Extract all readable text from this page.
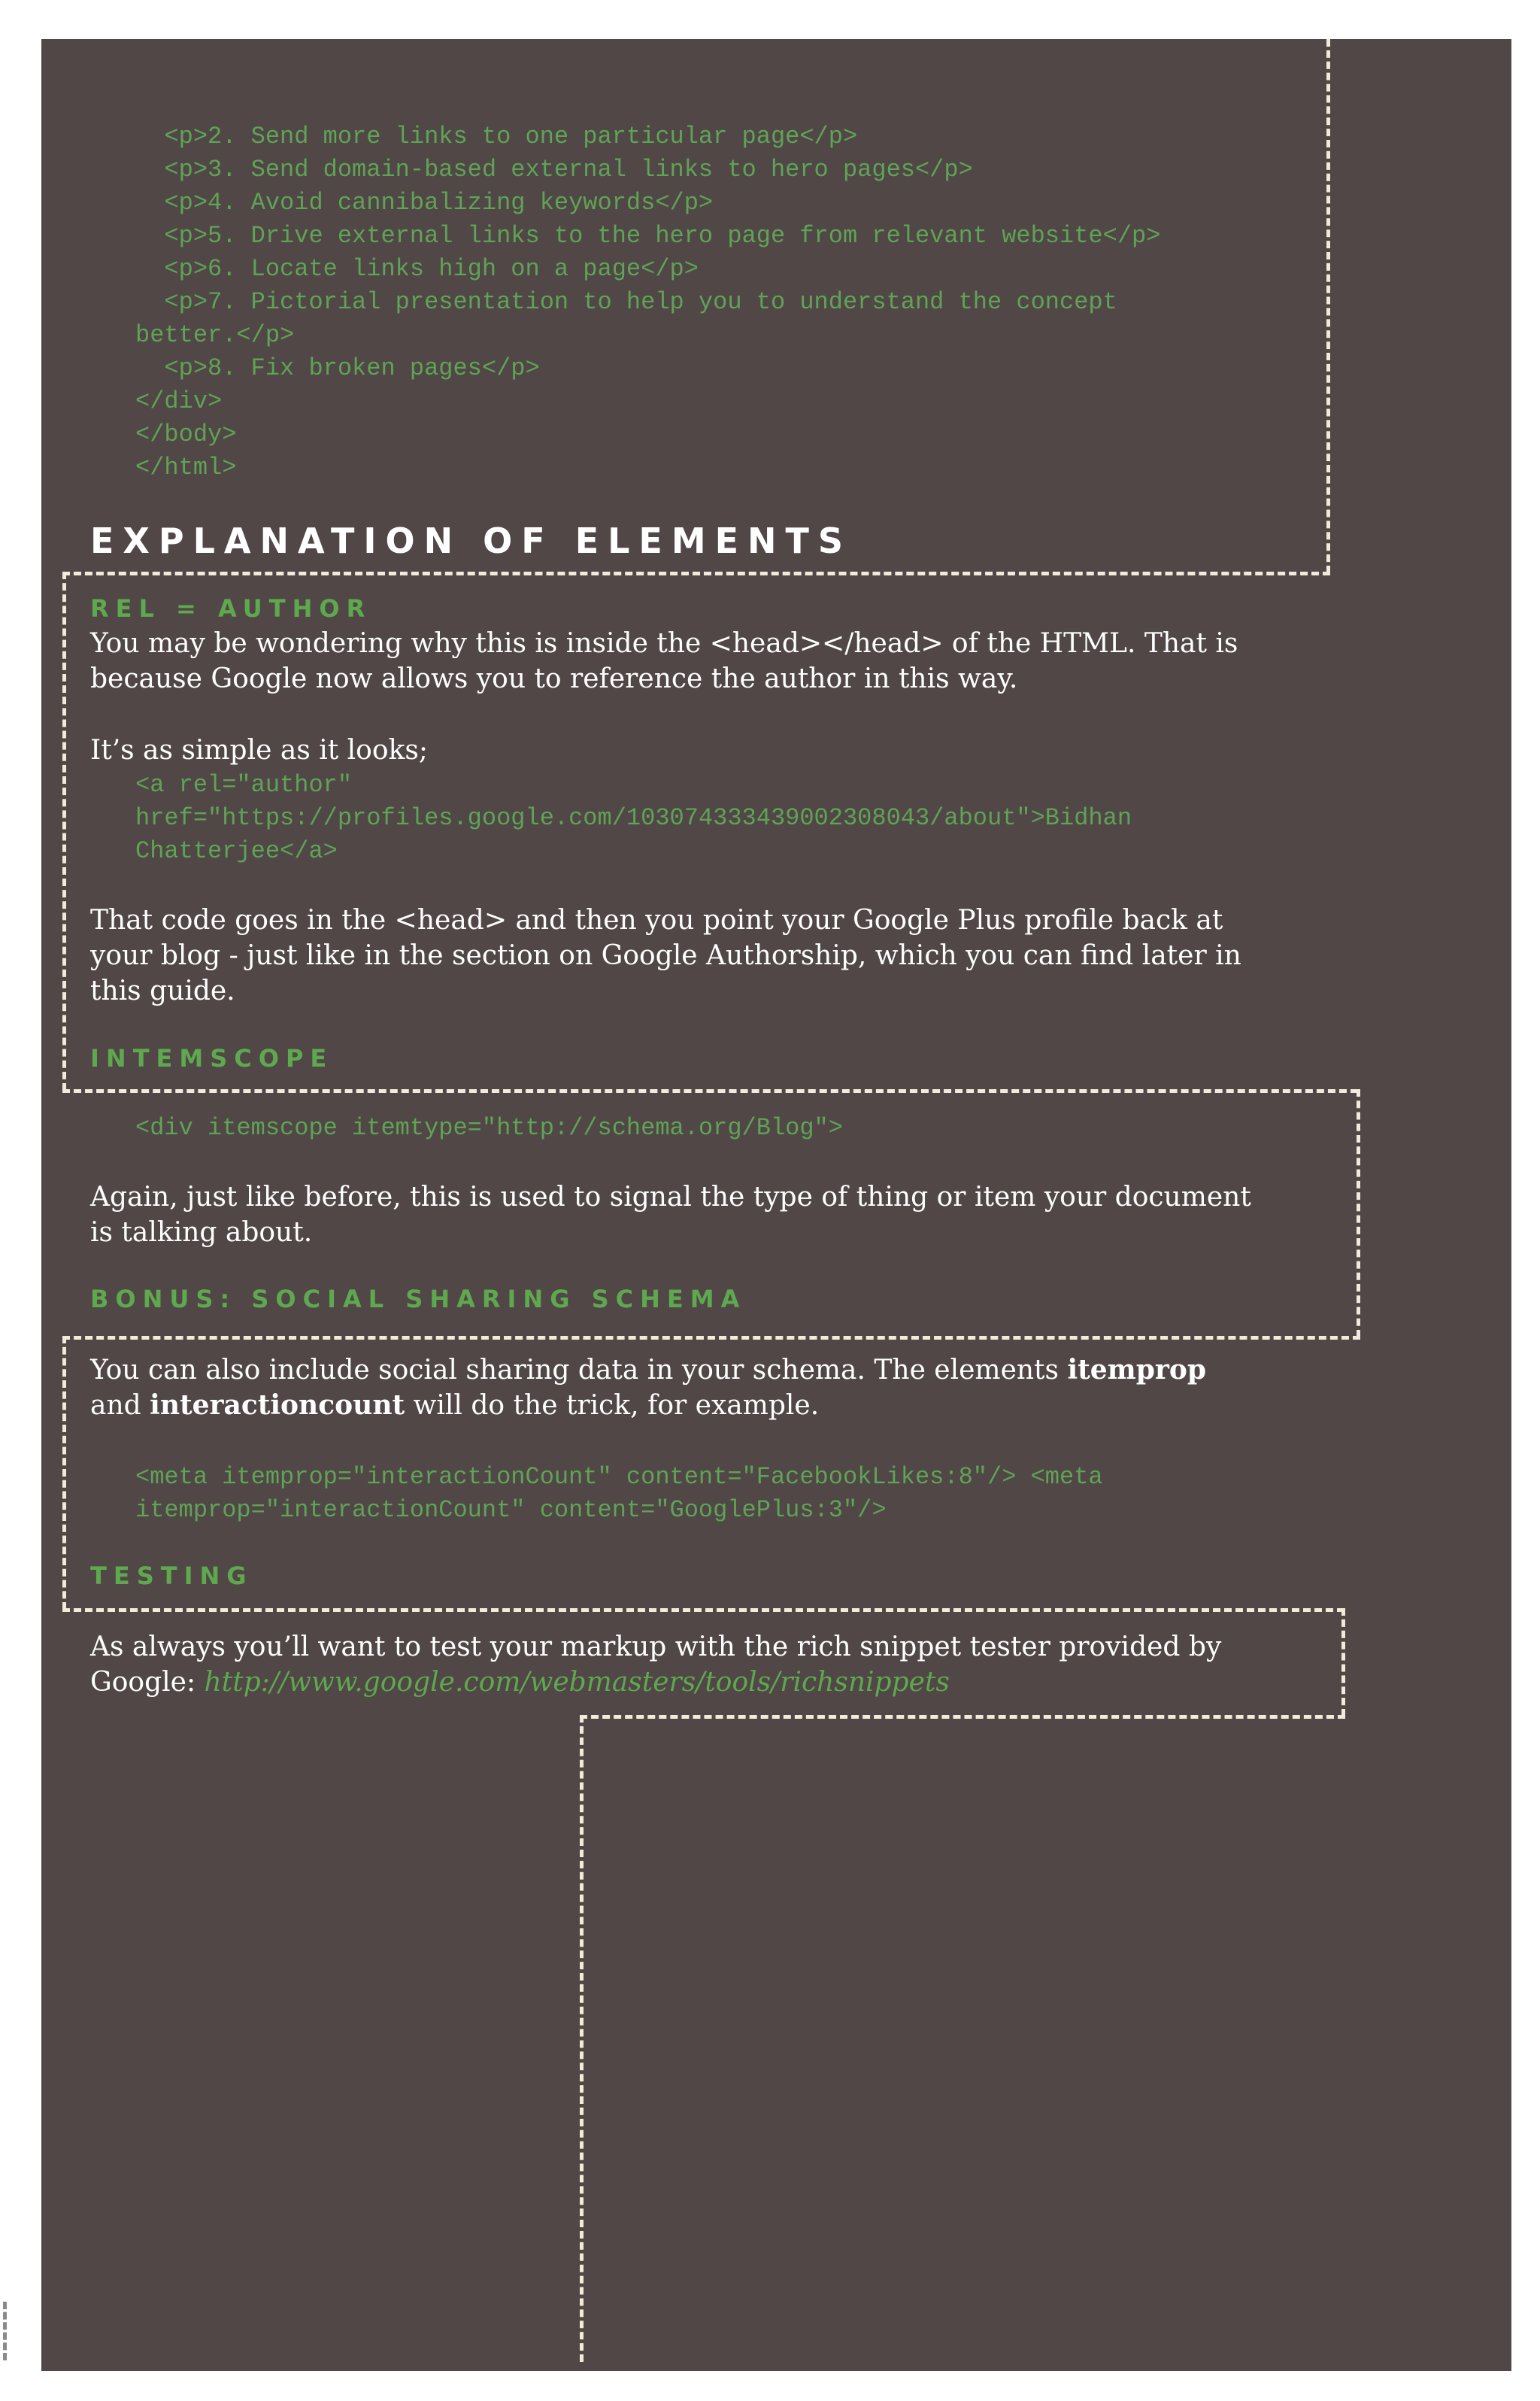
<p>2. Send more links to one particular page</p>
<p>3. Send domain-based external links to hero pages</p>
<p>4. Avoid cannibalizing keywords</p>
<p>5. Drive external links to the hero page from relevant website</p>
<p>6. Locate links high on a page</p>
<p>7. Pictorial presentation to help you to understand the concept
better.</p>
<p>8. Fix broken pages</p>
</div>
</body>
</html>
EXPLANATION OF ELEMENTS
REL = AUTHOR

You may be wondering why this is inside the <head></head> of the HTML. That is

because Google now allows you to reference the author in this way.

It’s as simple as it looks;
<a rel="author"
href="https://profiles.google.com/103074333439002308043/about">Bidhan
Chatterjee</a>

That code goes in the <head> and then you point your Google Plus profile back at

your blog - just like in the section on Google Authorship, which you can find later in

this guide.

INTEMSCOPE
<div itemscope itemtype="http://schema.org/Blog">

Again, just like before, this is used to signal the type of thing or item your document

is talking about.

BONUS: SOCIAL SHARING SCHEMA

You can also include social sharing data in your schema. The elements itemprop

and interactioncount will do the trick, for example.

<meta itemprop="interactionCount" content="FacebookLikes:8"/> <meta
itemprop="interactionCount" content="GooglePlus:3"/>
TESTING

As always you’ll want to test your markup with the rich snippet tester provided by

Google: http://www.google.com/webmasters/tools/richsnippets
